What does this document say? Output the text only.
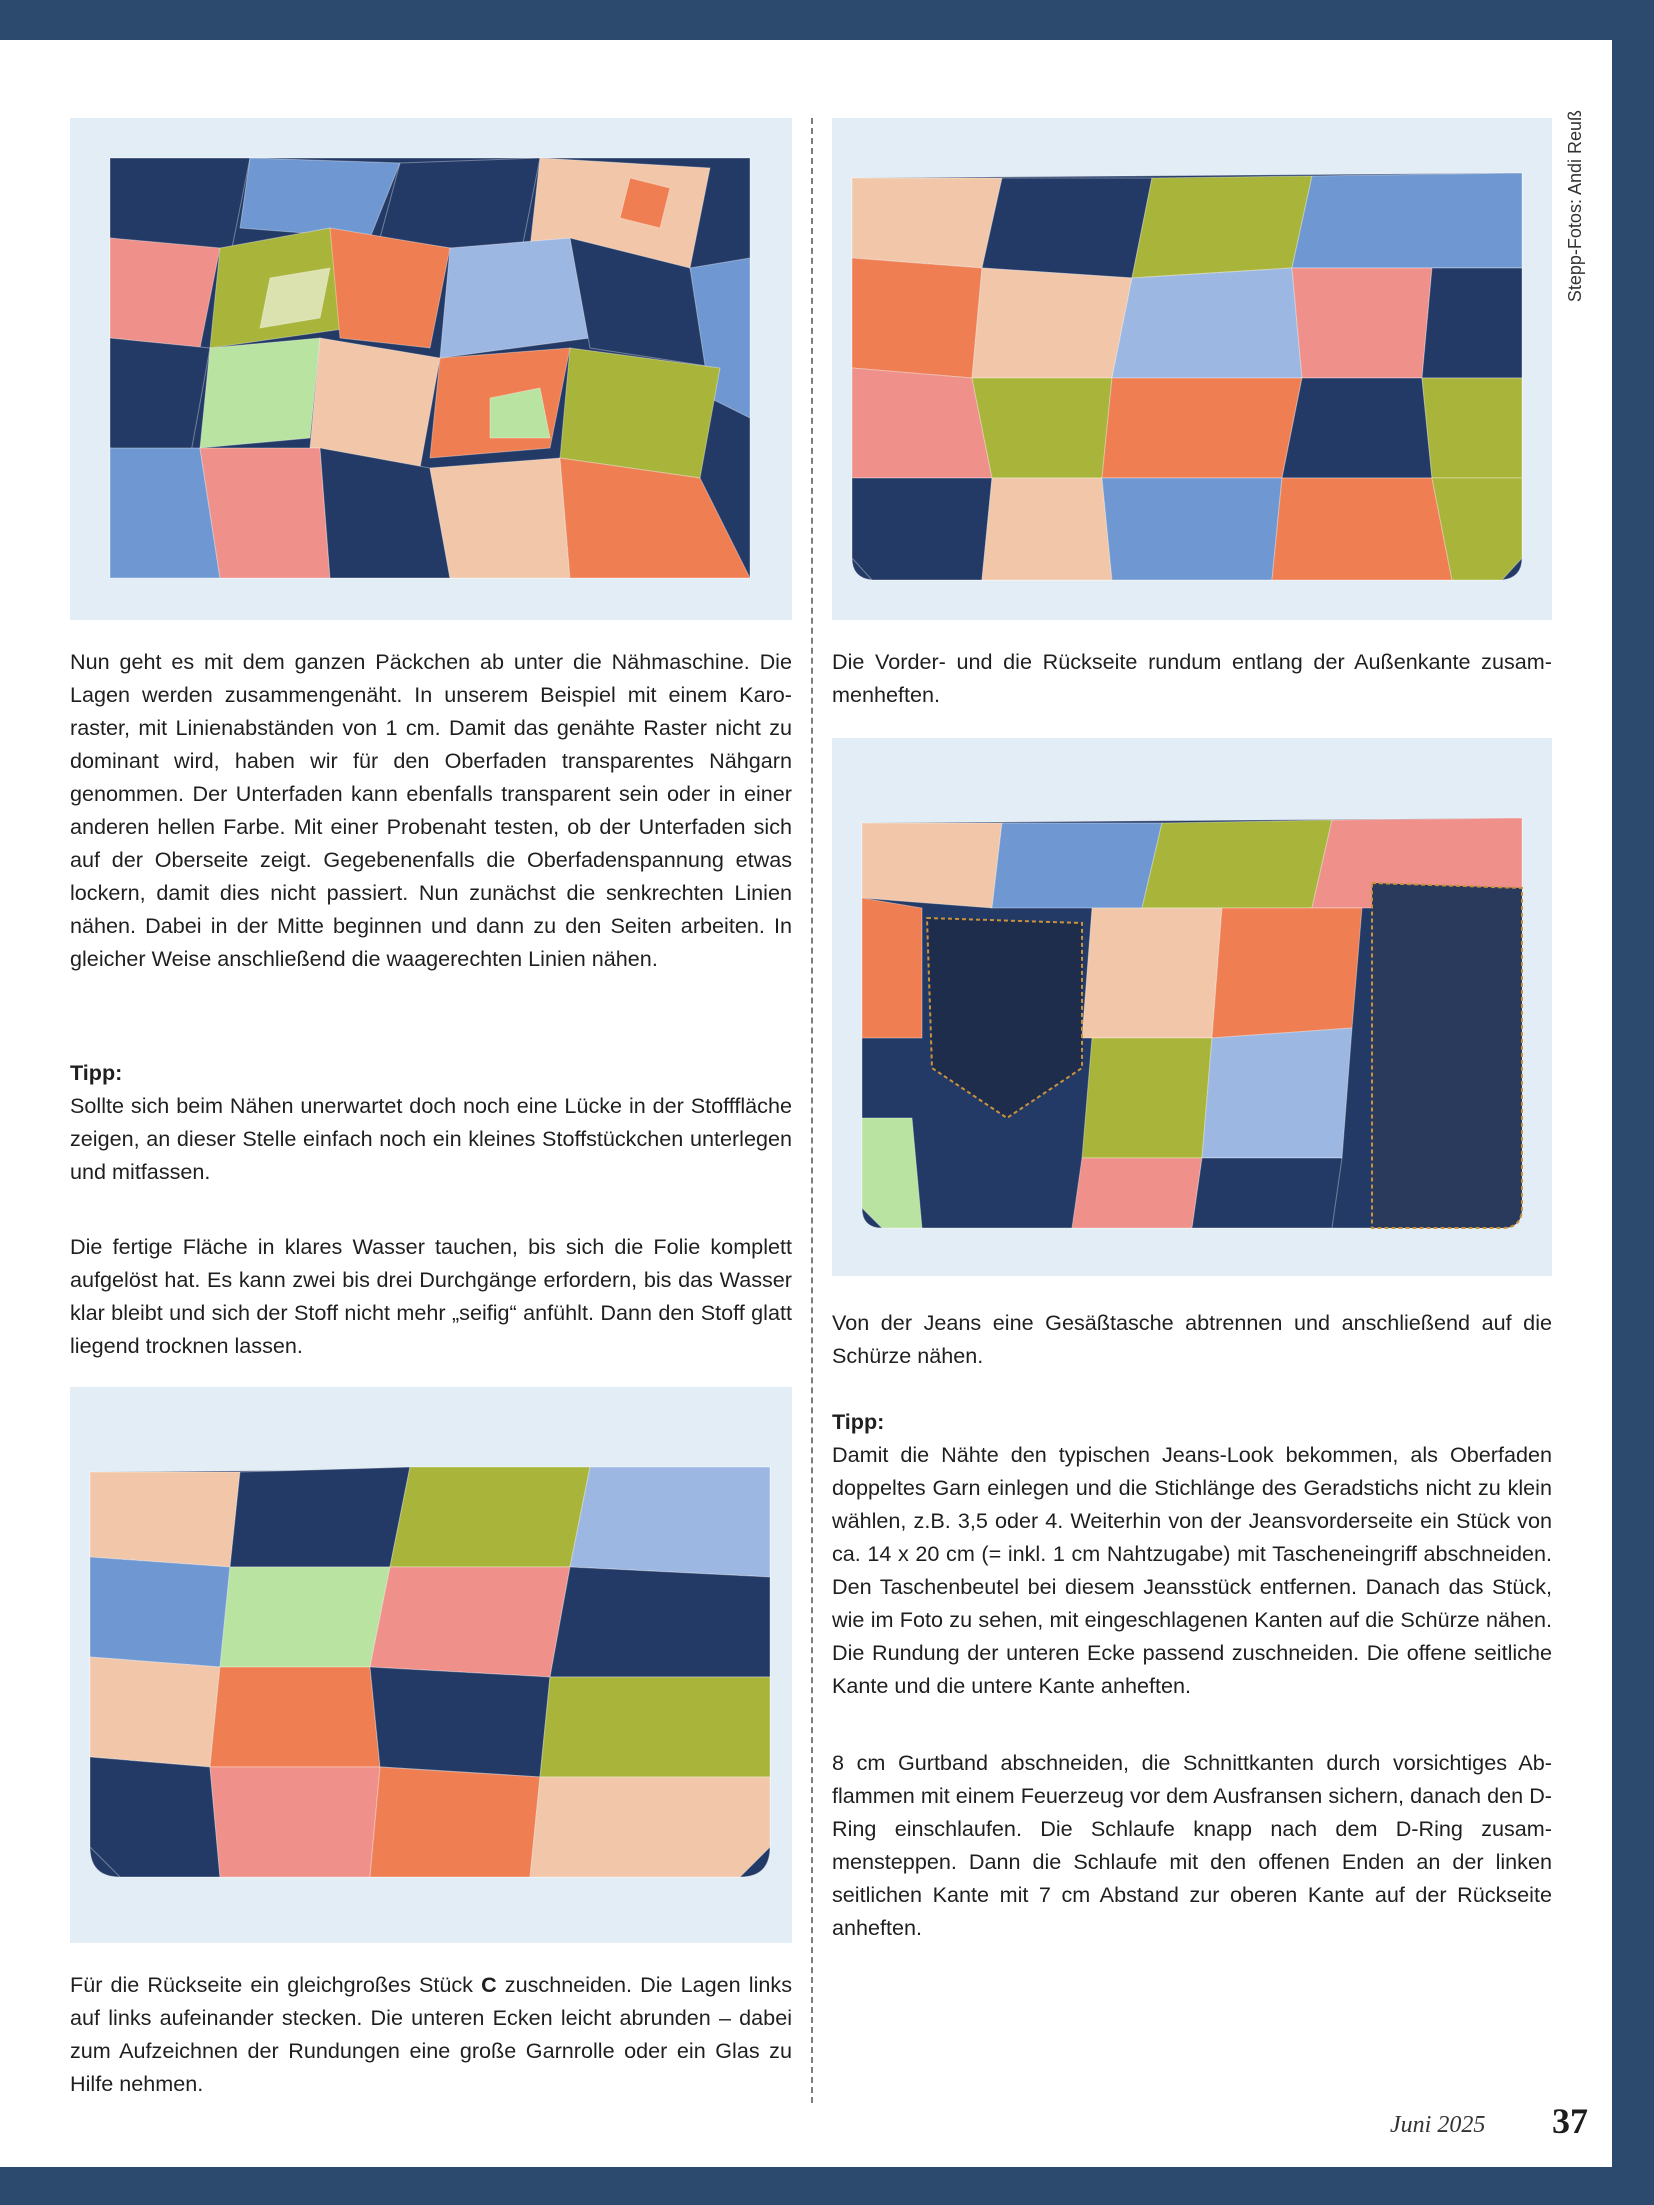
Stepp-Fotos: Andi Reuß

Nun geht es mit dem ganzen Päckchen ab unter die Nähmaschine. Die Lagen werden zusammengenäht. In unserem Beispiel mit einem Karoraster, mit Linienabständen von 1 cm. Damit das genähte Raster nicht zu dominant wird, haben wir für den Oberfaden transparentes Nähgarn genommen. Der Unterfaden kann ebenfalls transparent sein oder in einer anderen hellen Farbe. Mit einer Probenaht testen, ob der Unterfaden sich auf der Oberseite zeigt. Gegebenenfalls die Oberfadenspannung etwas lockern, damit dies nicht passiert. Nun zunächst die senkrechten Linien nähen. Dabei in der Mitte beginnen und dann zu den Seiten arbeiten. In gleicher Weise anschließend die waagerechten Linien nähen.

Tipp:

Sollte sich beim Nähen unerwartet doch noch eine Lücke in der Stofffläche zeigen, an dieser Stelle einfach noch ein kleines Stoffstückchen unterlegen und mitfassen.

Die fertige Fläche in klares Wasser tauchen, bis sich die Folie komplett aufgelöst hat. Es kann zwei bis drei Durchgänge erfordern, bis das Wasser klar bleibt und sich der Stoff nicht mehr „seifig“ anfühlt. Dann den Stoff glatt liegend trocknen lassen.

Für die Rückseite ein gleichgroßes Stück C zuschneiden. Die Lagen links auf links aufeinander stecken. Die unteren Ecken leicht abrunden – dabei zum Aufzeichnen der Rundungen eine große Garnrolle oder ein Glas zu Hilfe nehmen.

Die Vorder- und die Rückseite rundum entlang der Außenkante zusammenheften.

Von der Jeans eine Gesäßtasche abtrennen und anschließend auf die Schürze nähen.

Tipp:

Damit die Nähte den typischen Jeans-Look bekommen, als Oberfaden doppeltes Garn einlegen und die Stichlänge des Geradstichs nicht zu klein wählen, z.B. 3,5 oder 4. Weiterhin von der Jeansvorderseite ein Stück von ca. 14 x 20 cm (= inkl. 1 cm Nahtzugabe) mit Tascheneingriff abschneiden. Den Taschenbeutel bei diesem Jeansstück entfernen. Danach das Stück, wie im Foto zu sehen, mit eingeschlagenen Kanten auf die Schürze nähen. Die Rundung der unteren Ecke passend zuschneiden. Die offene seitliche Kante und die untere Kante anheften.

8 cm Gurtband abschneiden, die Schnittkanten durch vorsichtiges Abflammen mit einem Feuerzeug vor dem Ausfransen sichern, danach den D-Ring einschlaufen. Die Schlaufe knapp nach dem D-Ring zusammensteppen. Dann die Schlaufe mit den offenen Enden an der linken seitlichen Kante mit 7 cm Abstand zur oberen Kante auf der Rückseite anheften.

Juni 2025 37
